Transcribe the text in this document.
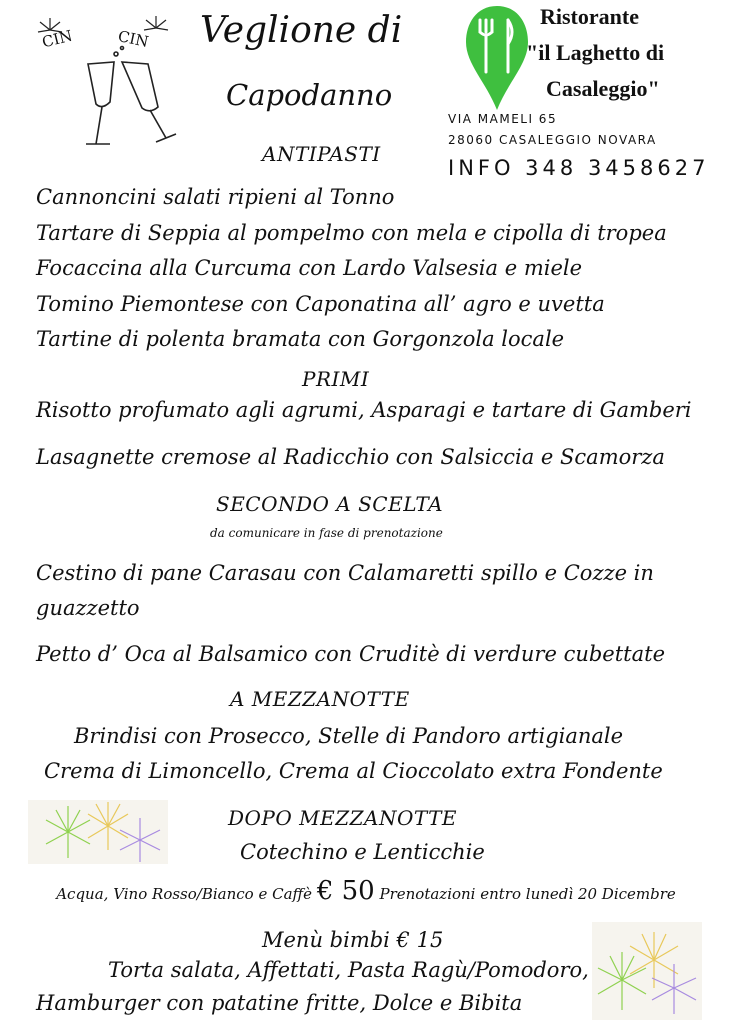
CIN	CIN Veglione di
Capodanno
Ristorante
"il Laghetto di
Casaleggio"
VIA MAMELI 65
28060 CASALEGGIO NOVARA
INFO 348 3458627
ANTIPASTI
Cannoncini salati ripieni al Tonno
Tartare di Seppia al pompelmo con mela e cipolla di tropea
Focaccina alla Curcuma con Lardo Valsesia e miele
Tomino Piemontese con Caponatina all’ agro e uvetta
Tartine di polenta bramata con Gorgonzola locale
PRIMI
Risotto profumato agli agrumi, Asparagi e tartare di Gamberi
Lasagnette cremose al Radicchio con Salsiccia e Scamorza
SECONDO A SCELTA
da comunicare in fase di prenotazione
Cestino di pane Carasau con Calamaretti spillo e Cozze in
guazzetto
Petto d’ Oca al Balsamico con Cruditè di verdure cubettate
A MEZZANOTTE
Brindisi con Prosecco, Stelle di Pandoro artigianale
Crema di Limoncello, Crema al Cioccolato extra Fondente
DOPO MEZZANOTTE
Cotechino e Lenticchie
Acqua, Vino Rosso/Bianco e Caffè € 50 Prenotazioni entro lunedì 20 Dicembre
Menù bimbi € 15
Torta salata, Affettati, Pasta Ragù/Pomodoro,
Hamburger con patatine fritte, Dolce e Bibita
